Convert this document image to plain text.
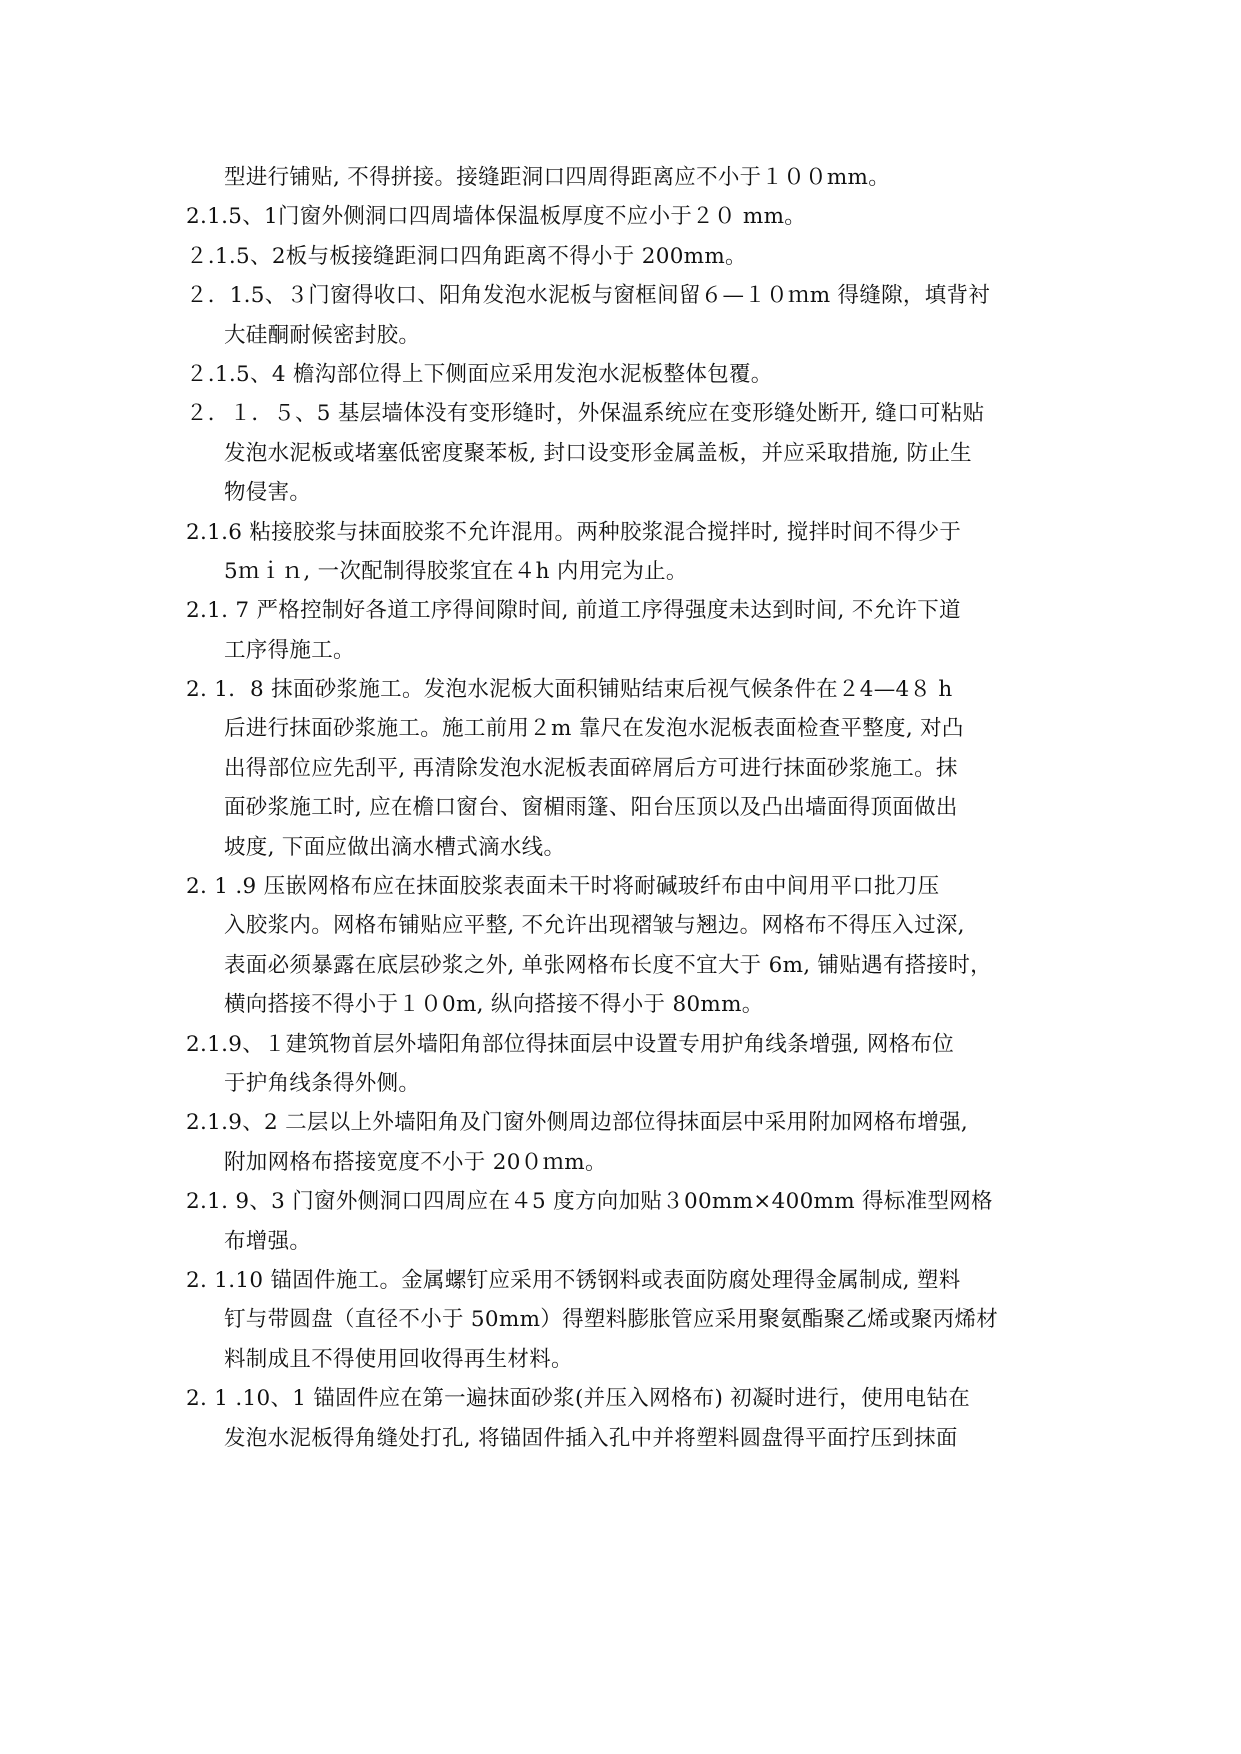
型进行铺贴, 不得拼接。接缝距洞口四周得距离应不小于１００mm。
2.1.5、1门窗外侧洞口四周墙体保温板厚度不应小于２０ mm。
２.1.5、2板与板接缝距洞口四角距离不得小于 200mm。
２．1.5、３门窗得收口、阳角发泡水泥板与窗框间留６—１０ｍm 得缝隙，填背衬
大硅酮耐候密封胶。
２.1.5、4 檐沟部位得上下侧面应采用发泡水泥板整体包覆。
２．１．５、5 基层墙体没有变形缝时，外保温系统应在变形缝处断开, 缝口可粘贴
发泡水泥板或堵塞低密度聚苯板, 封口设变形金属盖板，并应采取措施, 防止生
物侵害。
2.1.6 粘接胶浆与抹面胶浆不允许混用。两种胶浆混合搅拌时, 搅拌时间不得少于
5ｍｉｎ, 一次配制得胶浆宜在４h 内用完为止。
2.1. 7 严格控制好各道工序得间隙时间, 前道工序得强度未达到时间, 不允许下道
工序得施工。
2. 1．8 抹面砂浆施工。发泡水泥板大面积铺贴结束后视气候条件在２4—4８ h
后进行抹面砂浆施工。施工前用２m 靠尺在发泡水泥板表面检查平整度, 对凸
出得部位应先刮平, 再清除发泡水泥板表面碎屑后方可进行抹面砂浆施工。抹
面砂浆施工时, 应在檐口窗台、窗楣雨篷、阳台压顶以及凸出墙面得顶面做出
坡度, 下面应做出滴水槽式滴水线。
2. 1 .9 压嵌网格布应在抹面胶浆表面未干时将耐碱玻纤布由中间用平口批刀压
入胶浆内。网格布铺贴应平整, 不允许出现褶皱与翘边。网格布不得压入过深,
表面必须暴露在底层砂浆之外, 单张网格布长度不宜大于 6m, 铺贴遇有搭接时，
横向搭接不得小于１０0m, 纵向搭接不得小于 80mm。
2.1.9、１建筑物首层外墙阳角部位得抹面层中设置专用护角线条增强, 网格布位
于护角线条得外侧。
2.1.9、2 二层以上外墙阳角及门窗外侧周边部位得抹面层中采用附加网格布增强,
附加网格布搭接宽度不小于 20０ｍm。
2.1. 9、3 门窗外侧洞口四周应在４5 度方向加贴３00mm×400mm 得标准型网格
布增强。
2. 1.10 锚固件施工。金属螺钉应采用不锈钢料或表面防腐处理得金属制成, 塑料
钉与带圆盘（直径不小于 50mm）得塑料膨胀管应采用聚氨酯聚乙烯或聚丙烯材
料制成且不得使用回收得再生材料。
2. 1 .10、1 锚固件应在第一遍抹面砂浆(并压入网格布) 初凝时进行，使用电钻在
发泡水泥板得角缝处打孔, 将锚固件插入孔中并将塑料圆盘得平面拧压到抹面
